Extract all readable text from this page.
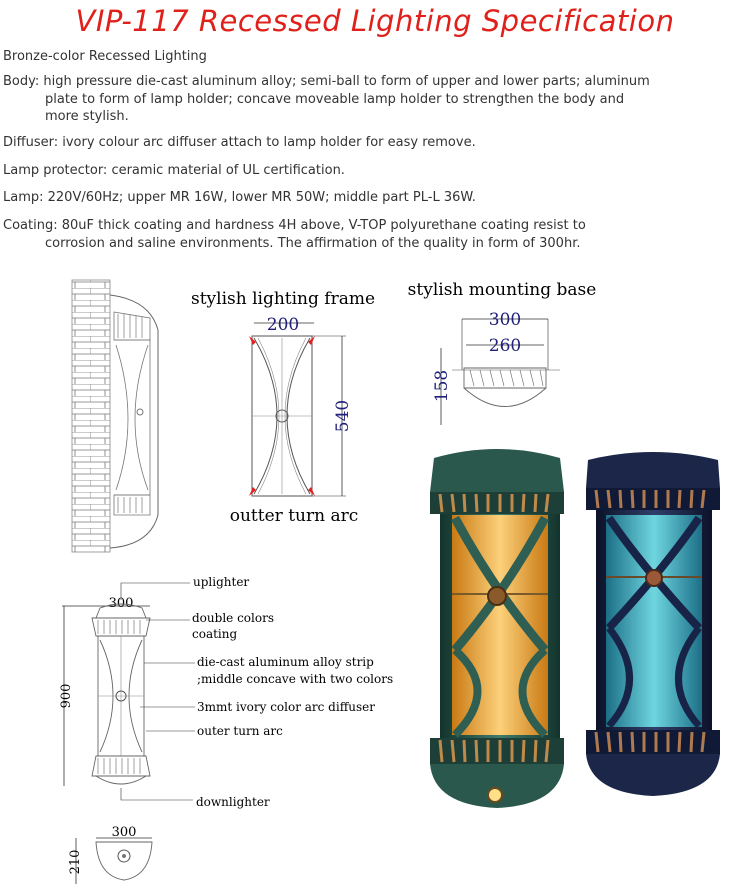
VIP-117 Recessed Lighting Specification
Bronze-color Recessed Lighting
Body: high pressure die-cast aluminum alloy; semi-ball to form of upper and lower parts; aluminum
plate to form of lamp holder; concave moveable lamp holder to strengthen the body and
more stylish.
Diffuser: ivory colour arc diffuser attach to lamp holder for easy remove.
Lamp protector: ceramic material of UL certification.
Lamp: 220V/60Hz; upper MR 16W, lower MR 50W; middle part PL-L 36W.
Coating: 80uF thick coating and hardness 4H above, V-TOP polyurethane coating resist to
corrosion and saline environments. The affirmation of the quality in form of 300hr.
stylish lighting frame
200
540
outter turn arc
stylish mounting base
300
260
158
300
900
uplighter
double colors
coating
die-cast aluminum alloy strip
;middle concave with two colors
3mmt ivory color arc diffuser
outer turn arc
downlighter
300
210
